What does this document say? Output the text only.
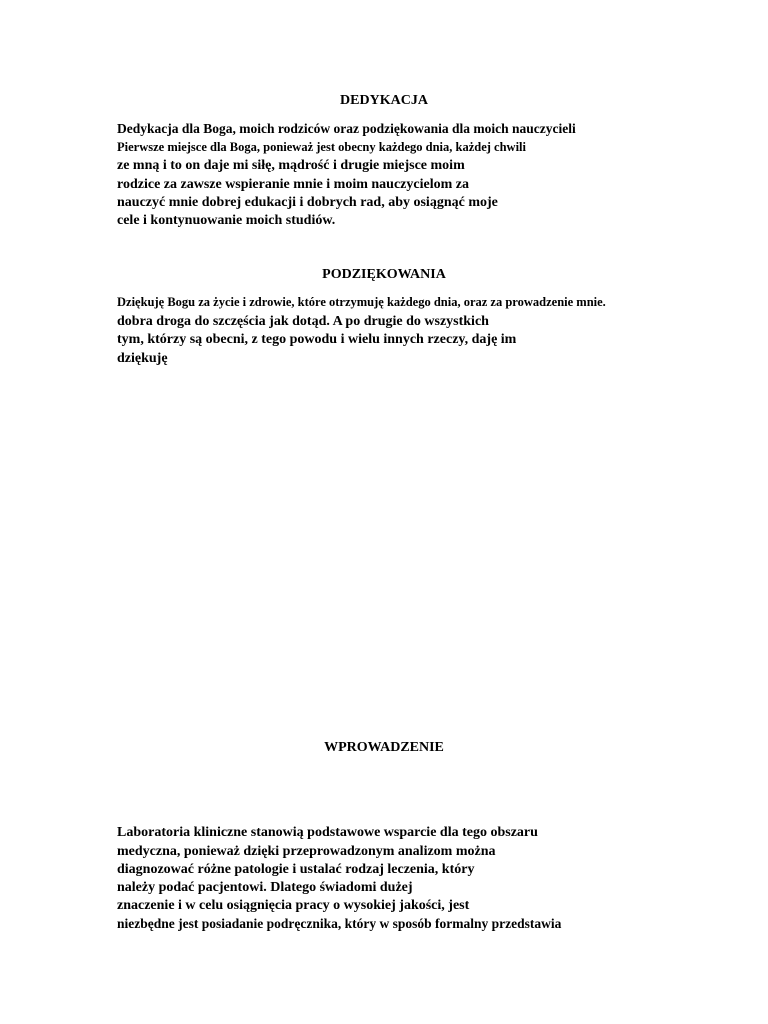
DEDYKACJA
Dedykacja dla Boga, moich rodziców oraz podziękowania dla moich nauczycieli
Pierwsze miejsce dla Boga, ponieważ jest obecny każdego dnia, każdej chwili
ze mną i to on daje mi siłę, mądrość i drugie miejsce moim
rodzice za zawsze wspieranie mnie i moim nauczycielom za
nauczyć mnie dobrej edukacji i dobrych rad, aby osiągnąć moje
cele i kontynuowanie moich studiów.
PODZIĘKOWANIA
Dziękuję Bogu za życie i zdrowie, które otrzymuję każdego dnia, oraz za prowadzenie mnie.
dobra droga do szczęścia jak dotąd. A po drugie do wszystkich
tym, którzy są obecni, z tego powodu i wielu innych rzeczy, daję im
dziękuję
WPROWADZENIE
Laboratoria kliniczne stanowią podstawowe wsparcie dla tego obszaru
medyczna, ponieważ dzięki przeprowadzonym analizom można
diagnozować różne patologie i ustalać rodzaj leczenia, który
należy podać pacjentowi. Dlatego świadomi dużej
znaczenie i w celu osiągnięcia pracy o wysokiej jakości, jest
niezbędne jest posiadanie podręcznika, który w sposób formalny przedstawia
